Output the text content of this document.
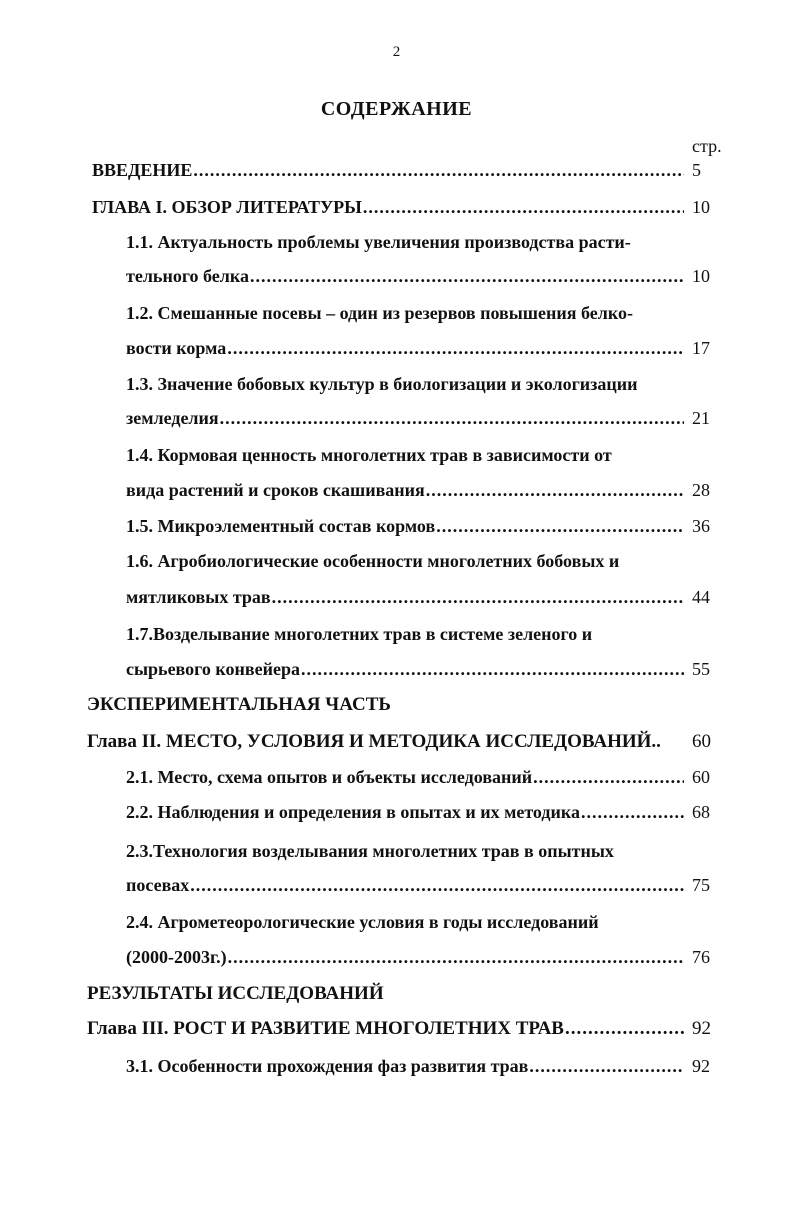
2
СОДЕРЖАНИЕ
стр.
ВВЕДЕНИЕ .....	5
ГЛАВА I. ОБЗОР ЛИТЕРАТУРЫ .....	10
1.1. Актуальность проблемы увеличения производства расти-
тельного белка .....	10
1.2. Смешанные посевы – один из резервов повышения белко-
вости корма .....	17
1.3. Значение бобовых культур в биологизации и экологизации
земледелия .....	21
1.4. Кормовая ценность многолетних трав в зависимости от
вида растений и сроков скашивания .....	28
1.5. Микроэлементный состав кормов .....	36
1.6. Агробиологические особенности многолетних бобовых и
мятликовых трав .....	44
1.7.Возделывание многолетних трав в системе зеленого и
сырьевого конвейера .....	55
ЭКСПЕРИМЕНТАЛЬНАЯ ЧАСТЬ
Глава II. МЕСТО, УСЛОВИЯ И МЕТОДИКА ИССЛЕДОВАНИЙ.. 60
2.1. Место, схема опытов и объекты исследований .....	60
2.2. Наблюдения и определения в опытах и их методика .....	68
2.3.Технология возделывания многолетних трав в опытных
посевах .....	75
2.4. Агрометеорологические условия в годы исследований
(2000-2003г.) .....	76
РЕЗУЛЬТАТЫ ИССЛЕДОВАНИЙ
Глава III. РОСТ И РАЗВИТИЕ МНОГОЛЕТНИХ ТРАВ .....	92
3.1. Особенности прохождения фаз развития трав .....	92
